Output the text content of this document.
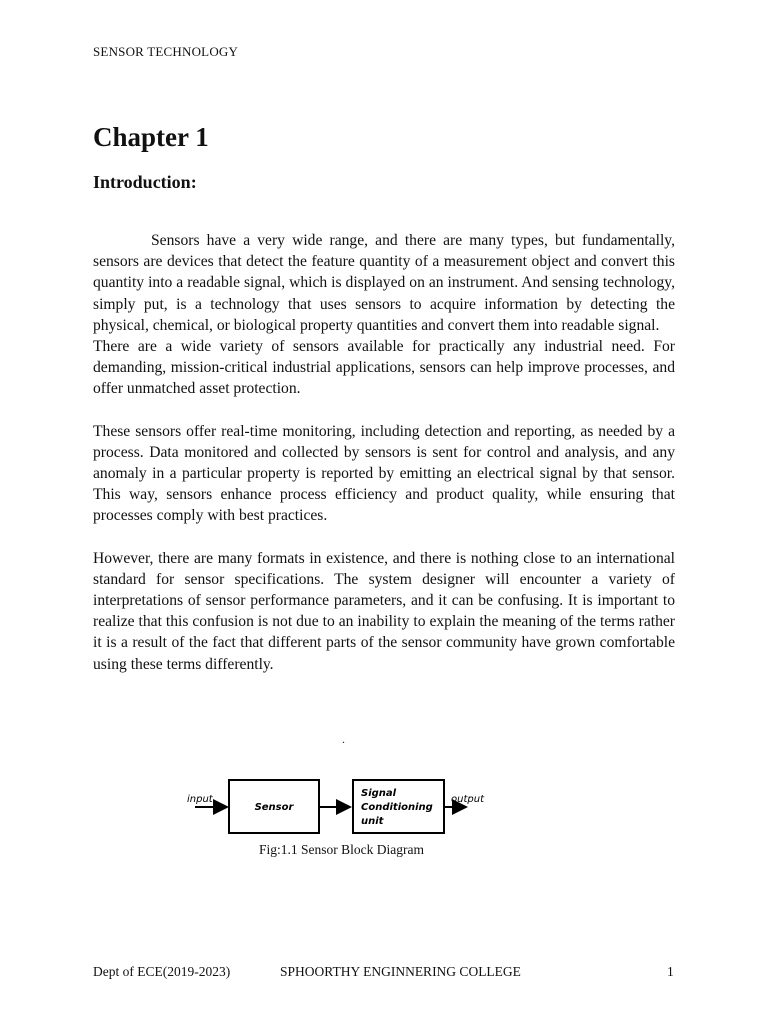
SENSOR TECHNOLOGY
Chapter 1
Introduction:

Sensors have a very wide range, and there are many types, but fundamentally, sensors are devices that detect the feature quantity of a measurement object and convert this quantity into a readable signal, which is displayed on an instrument. And sensing technology, simply put, is a technology that uses sensors to acquire information by detecting the physical, chemical, or biological property quantities and convert them into readable signal.

There are a wide variety of sensors available for practically any industrial need. For demanding, mission-critical industrial applications, sensors can help improve processes, and offer unmatched asset protection.

These sensors offer real-time monitoring, including detection and reporting, as needed by a process. Data monitored and collected by sensors is sent for control and analysis, and any anomaly in a particular property is reported by emitting an electrical signal by that sensor. This way, sensors enhance process efficiency and product quality, while ensuring that processes comply with best practices.

However, there are many formats in existence, and there is nothing close to an international standard for sensor specifications. The system designer will encounter a variety of interpretations of sensor performance parameters, and it can be confusing. It is important to realize that this confusion is not due to an inability to explain the meaning of the terms rather it is a result of the fact that different parts of the sensor community have grown comfortable using these terms differently.

.
input
Sensor
Signal
Conditioning
unit
output
Fig:1.1 Sensor Block Diagram
Dept of ECE(2019-2023)	SPHOORTHY ENGINNERING COLLEGE	1
